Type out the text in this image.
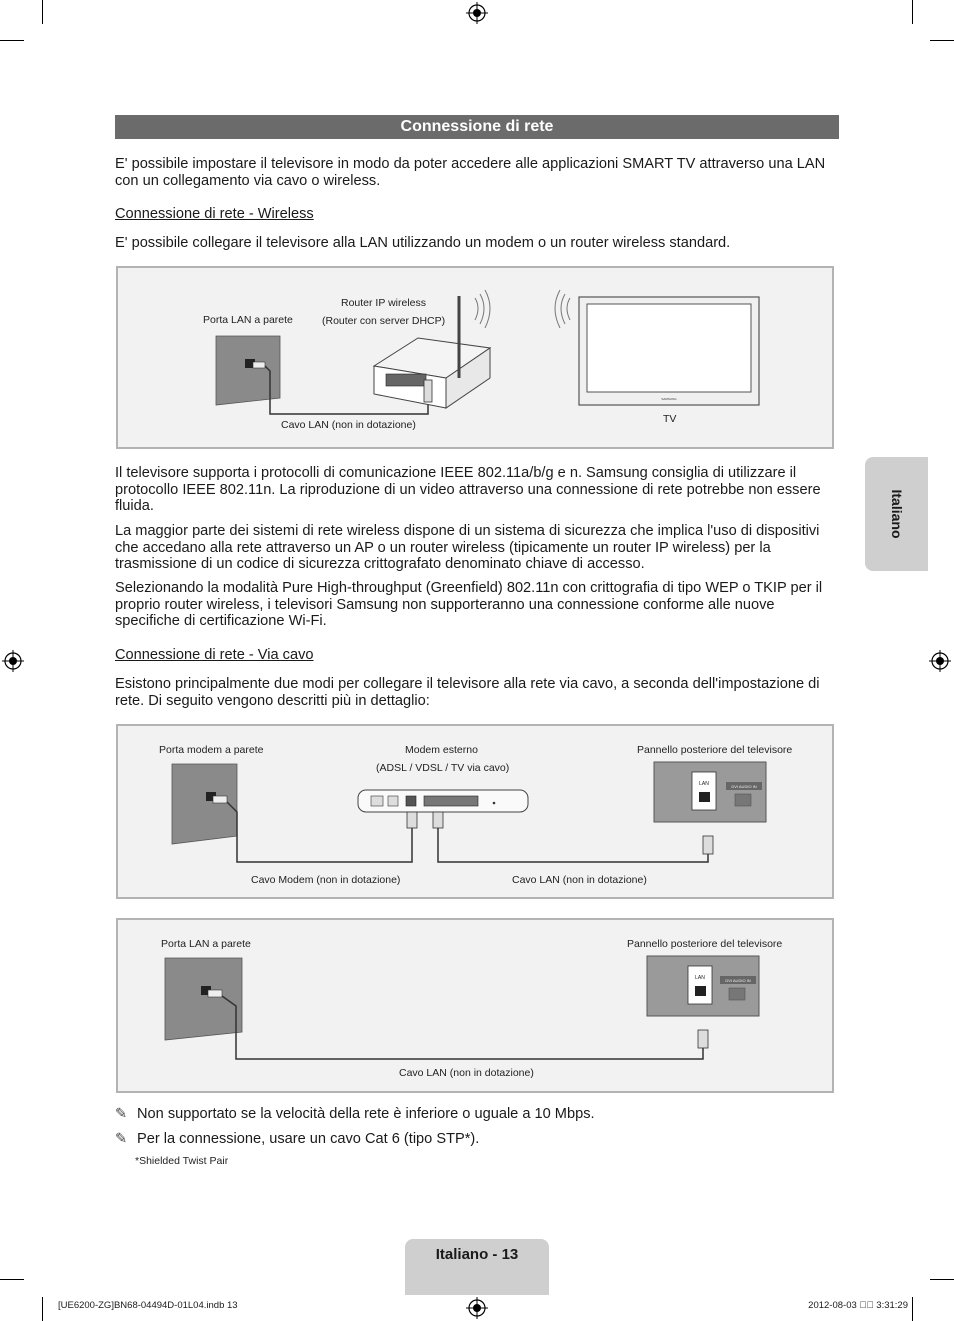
Connessione di rete
E' possibile impostare il televisore in modo da poter accedere alle applicazioni SMART TV attraverso una LAN con un collegamento via cavo o wireless.
Connessione di rete - Wireless
E' possibile collegare il televisore alla LAN utilizzando un modem o un router wireless standard.
Porta LAN a parete
Router IP wireless
(Router con server DHCP)
Cavo LAN (non in dotazione)	TV
SAMSUNG
Il televisore supporta i protocolli di comunicazione IEEE 802.11a/b/g e n. Samsung consiglia di utilizzare il protocollo IEEE 802.11n. La riproduzione di un video attraverso una connessione di rete potrebbe non essere fluida.
La maggior parte dei sistemi di rete wireless dispone di un sistema di sicurezza che implica l'uso di dispositivi che accedano alla rete attraverso un AP o un router wireless (tipicamente un router IP wireless) per la trasmissione di un codice di sicurezza crittografato denominato chiave di accesso.
Selezionando la modalità Pure High-throughput (Greenfield) 802.11n con crittografia di tipo WEP o TKIP per il proprio router wireless, i televisori Samsung non supporteranno una connessione conforme alle nuove specifiche di certificazione Wi-Fi.
Connessione di rete - Via cavo
Esistono principalmente due modi per collegare il televisore alla rete via cavo, a seconda dell'impostazione di rete. Di seguito vengono descritti più in dettaglio:
Porta modem a parete	Modem esterno
(ADSL / VDSL / TV via cavo)
Pannello posteriore del televisore
Cavo Modem (non in dotazione)	Cavo LAN (non in dotazione)
LAN	DVI AUDIO IN
Porta LAN a parete	Pannello posteriore del televisore
Cavo LAN (non in dotazione)
LAN	DVI AUDIO IN
✎ Non supportato se la velocità della rete è inferiore o uguale a 10 Mbps.
✎ Per la connessione, usare un cavo Cat 6 (tipo STP*).
*Shielded Twist Pair
Italiano
Italiano - 13
[UE6200-ZG]BN68-04494D-01L04.indb 13	2012-08-03    3:31:29
